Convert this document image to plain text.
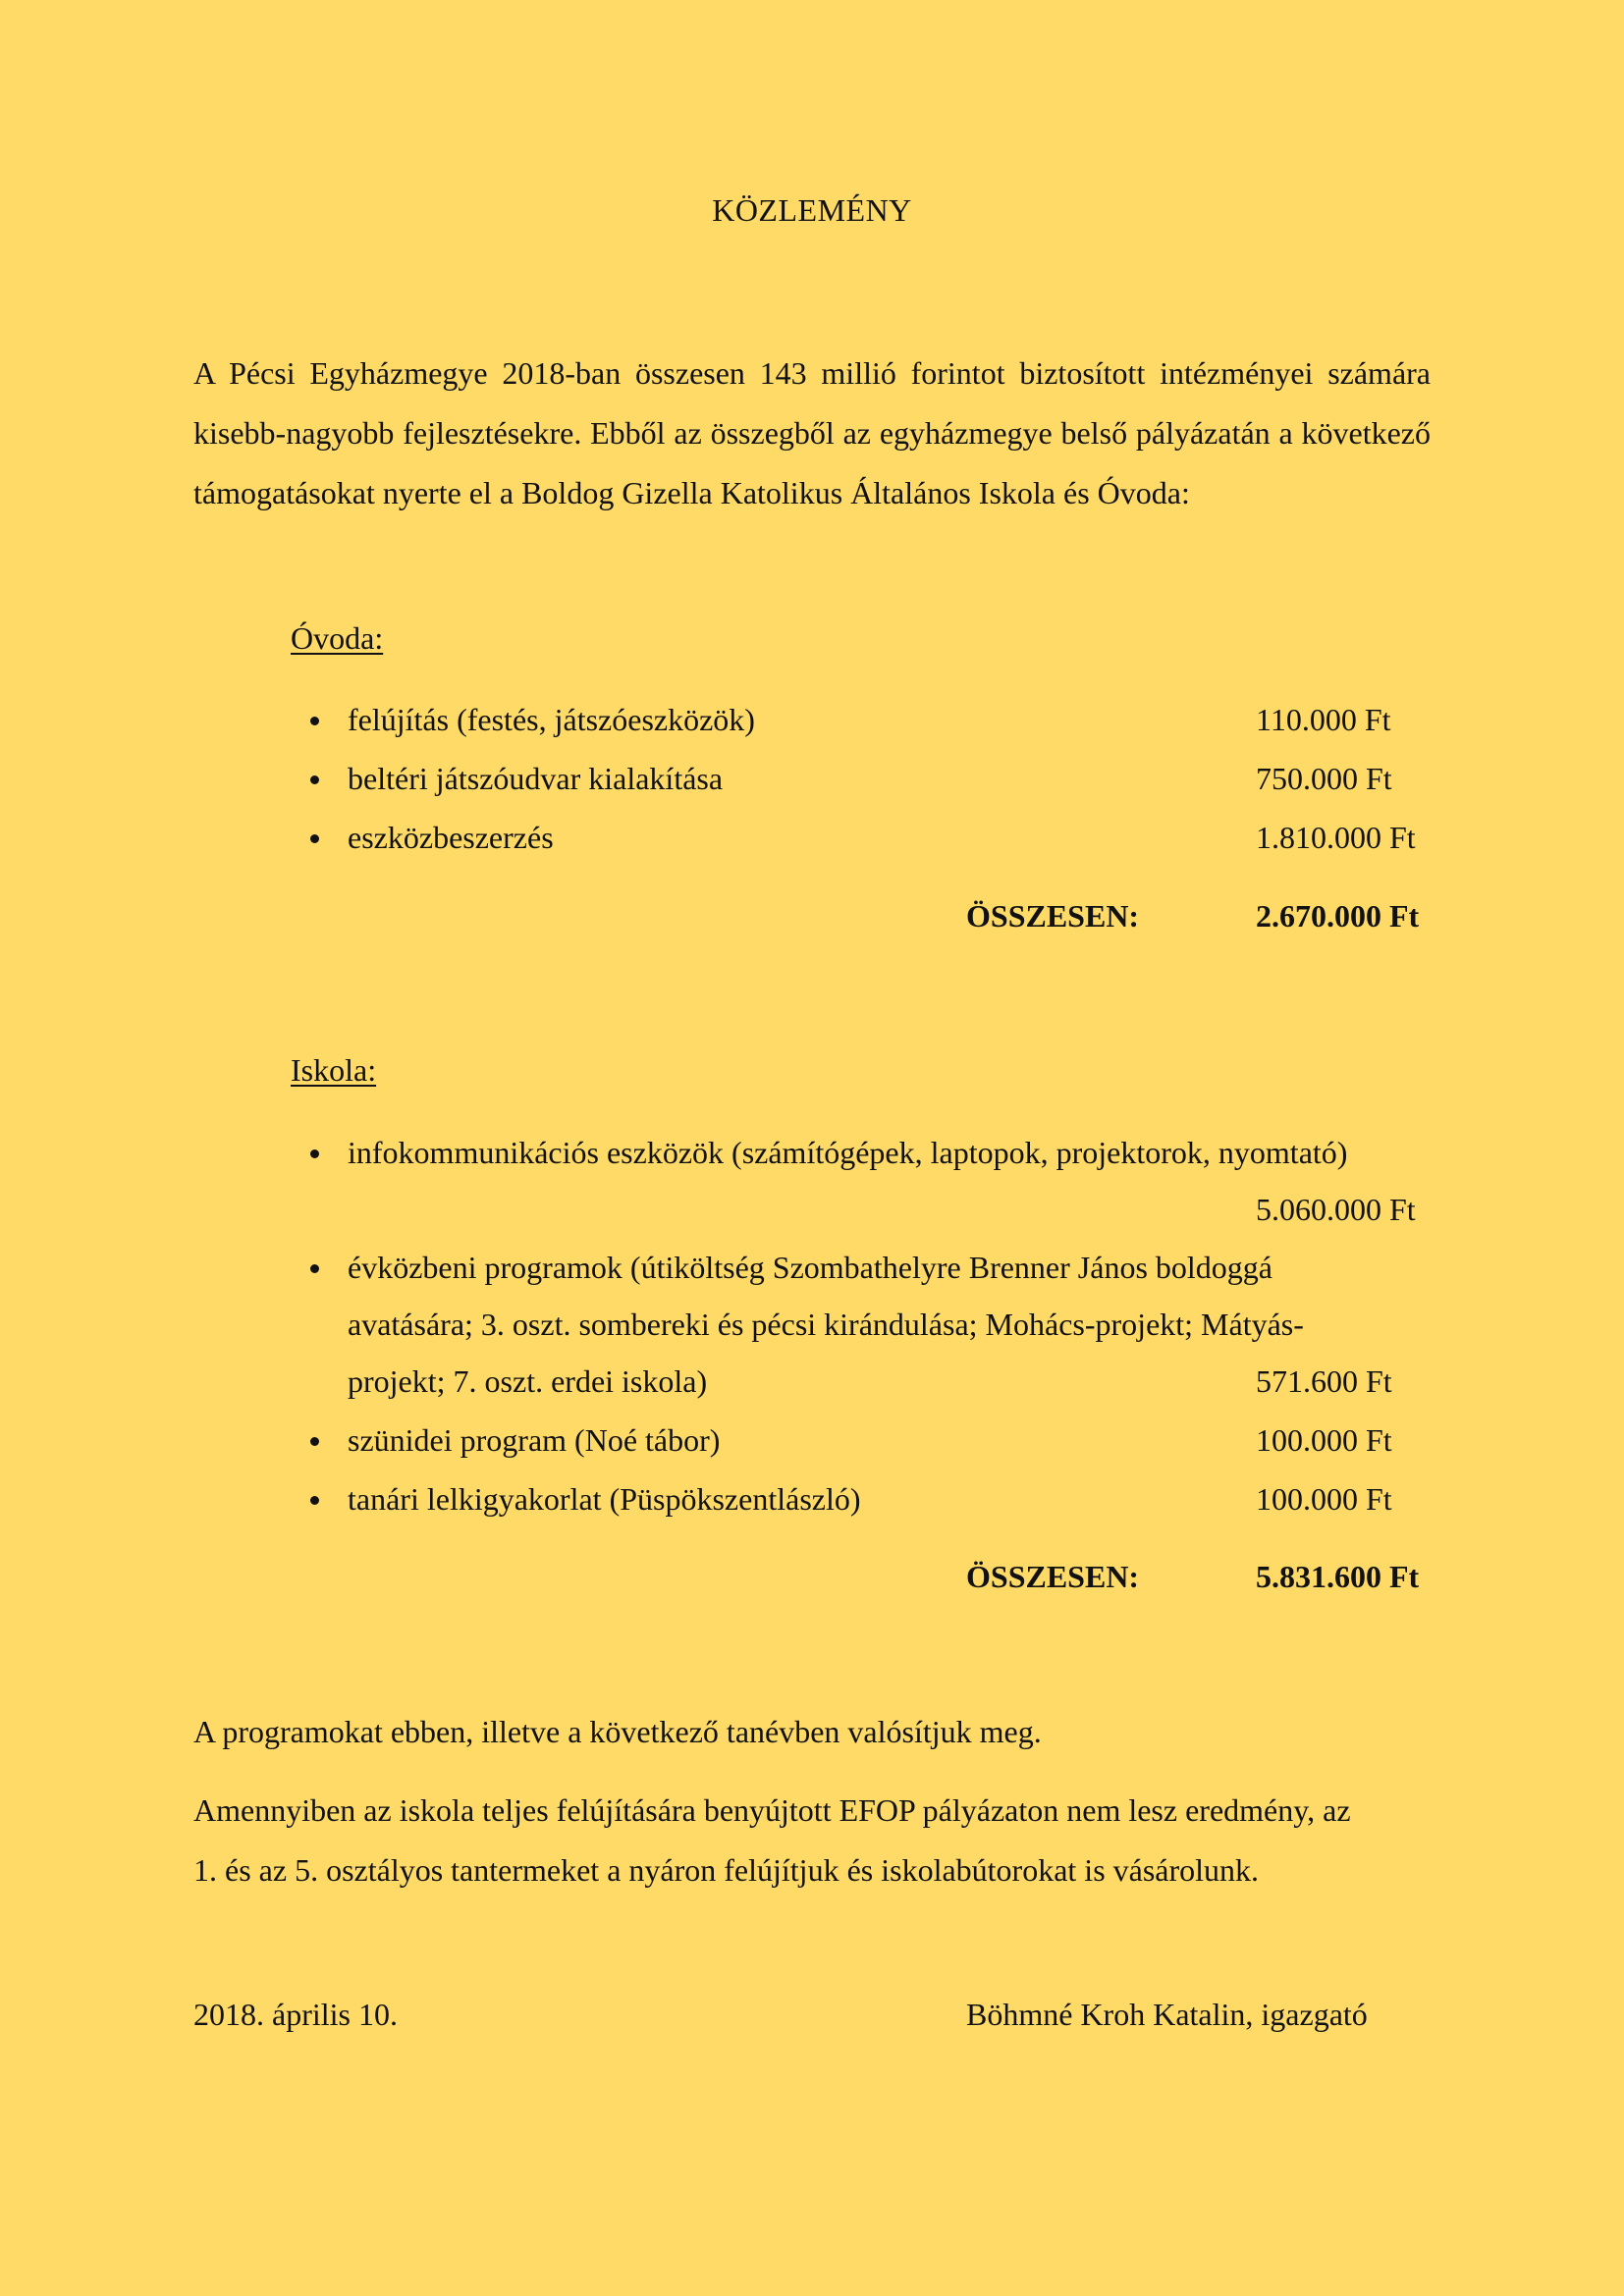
KÖZLEMÉNY

A Pécsi Egyházmegye 2018-ban összesen 143 millió forintot biztosított intézményei számára kisebb-nagyobb fejlesztésekre. Ebből az összegből az egyházmegye belső pályázatán a következő támogatásokat nyerte el a Boldog Gizella Katolikus Általános Iskola és Óvoda:

Óvoda:

felújítás (festés, játszóeszközök)	110.000 Ft
beltéri játszóudvar kialakítása	750.000 Ft
eszközbeszerzés	1.810.000 Ft
ÖSSZESEN:	2.670.000 Ft

Iskola:

infokommunikációs eszközök (számítógépek, laptopok, projektorok, nyomtató)
5.060.000 Ft
évközbeni programok (útiköltség Szombathelyre Brenner János boldoggá
avatására; 3. oszt. sombereki és pécsi kirándulása; Mohács-projekt; Mátyás-
projekt; 7. oszt. erdei iskola)	571.600 Ft
szünidei program (Noé tábor)	100.000 Ft
tanári lelkigyakorlat (Püspökszentlászló)	100.000 Ft
ÖSSZESEN:	5.831.600 Ft

A programokat ebben, illetve a következő tanévben valósítjuk meg.

Amennyiben az iskola teljes felújítására benyújtott EFOP pályázaton nem lesz eredmény, az
1. és az 5. osztályos tantermeket a nyáron felújítjuk és iskolabútorokat is vásárolunk.
2018. április 10.	Böhmné Kroh Katalin, igazgató
